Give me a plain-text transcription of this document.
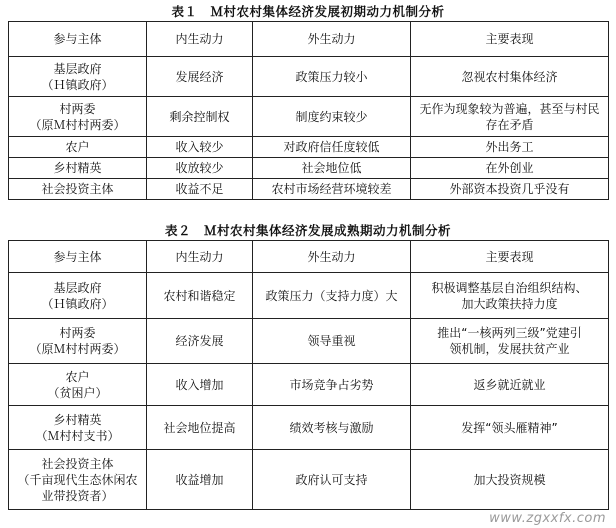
表１　Ｍ村农村集体经济发展初期动力机制分析
参与主体	内生动力	外生动力	主要表现

基层政府
（Ｈ镇政府）	发展经济	政策压力较小	忽视农村集体经济

村两委
（原Ｍ村村两委）	剩余控制权	制度约束较少	无作为现象较为普遍，甚至与村民
存在矛盾

农户	收入较少	对政府信任度较低	外出务工

乡村精英	收放较少	社会地位低	在外创业

社会投资主体	收益不足	农村市场经营环境较差	外部资本投资几乎没有
表２　Ｍ村农村集体经济发展成熟期动力机制分析
参与主体	内生动力	外生动力	主要表现

基层政府
（Ｈ镇政府）	农村和谐稳定	政策压力（支持力度）大	积极调整基层自治组织结构、
加大政策扶持力度

村两委
（原Ｍ村村两委）	经济发展	领导重视	推出“一核两列三级”党建引
领机制，发展扶贫产业

农户
（贫困户）	收入增加	市场竞争占劣势	返乡就近就业

乡村精英
（Ｍ村村支书）	社会地位提高	绩效考核与激励	发挥“领头雁精神”

社会投资主体
（千亩现代生态休闲农
业带投资者）	收益增加	政府认可支持	加大投资规模
www.zgxxfx.com
